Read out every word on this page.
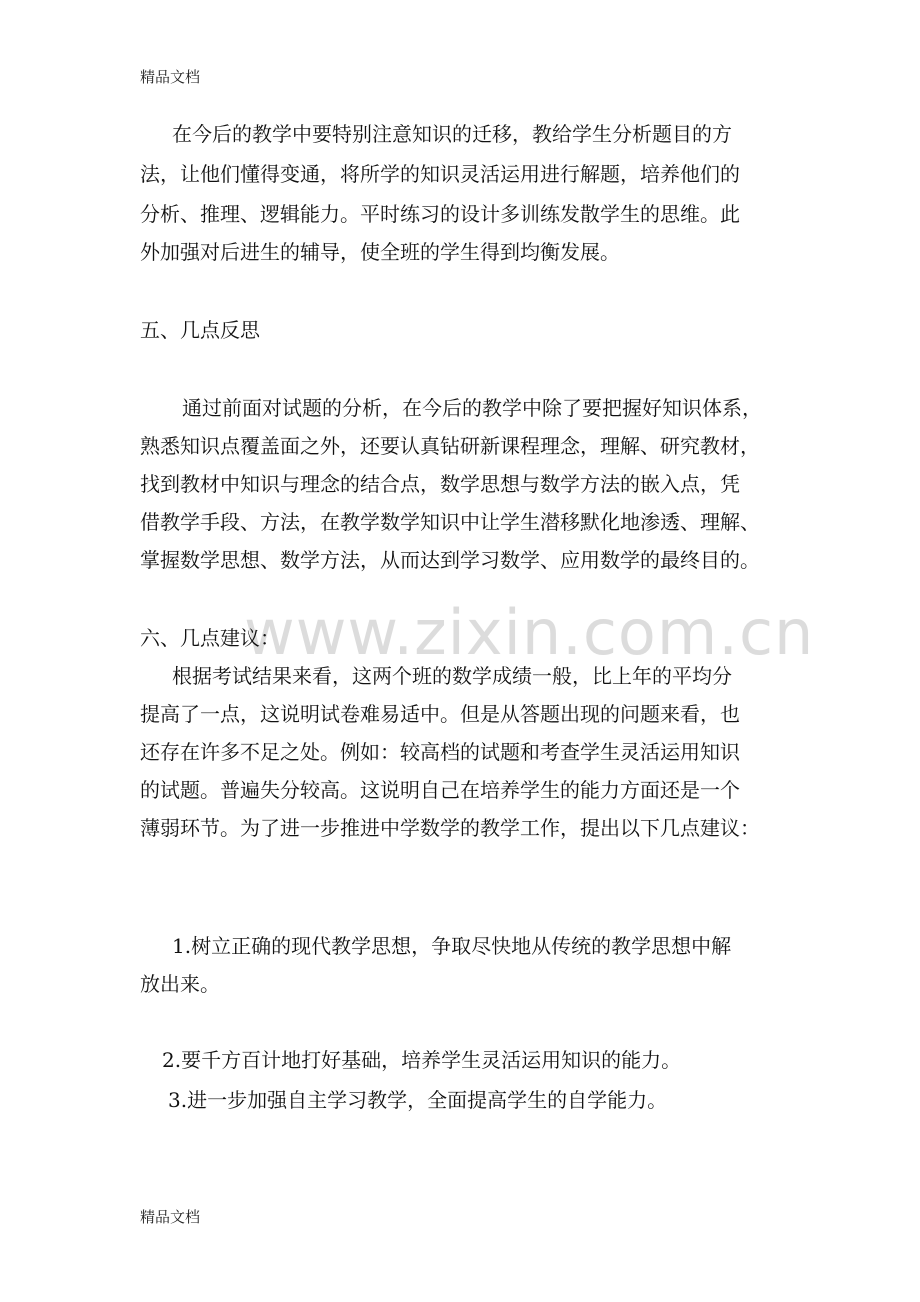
精品文档
www.zixin.com.cn
在今后的教学中要特别注意知识的迁移，教给学生分析题目的方
法，让他们懂得变通，将所学的知识灵活运用进行解题，培养他们的
分析、推理、逻辑能力。平时练习的设计多训练发散学生的思维。此
外加强对后进生的辅导，使全班的学生得到均衡发展。
五、几点反思
通过前面对试题的分析，在今后的教学中除了要把握好知识体系，
熟悉知识点覆盖面之外，还要认真钻研新课程理念，理解、研究教材，
找到教材中知识与理念的结合点，数学思想与数学方法的嵌入点，凭
借教学手段、方法，在教学数学知识中让学生潜移默化地渗透、理解、
掌握数学思想、数学方法，从而达到学习数学、应用数学的最终目的。
六、几点建议：
根据考试结果来看，这两个班的数学成绩一般，比上年的平均分
提高了一点，这说明试卷难易适中。但是从答题出现的问题来看，也
还存在许多不足之处。例如：较高档的试题和考查学生灵活运用知识
的试题。普遍失分较高。这说明自己在培养学生的能力方面还是一个
薄弱环节。为了进一步推进中学数学的教学工作，提出以下几点建议：
1.树立正确的现代教学思想，争取尽快地从传统的教学思想中解
放出来。
2.要千方百计地打好基础，培养学生灵活运用知识的能力。
3.进一步加强自主学习教学，全面提高学生的自学能力。
精品文档
